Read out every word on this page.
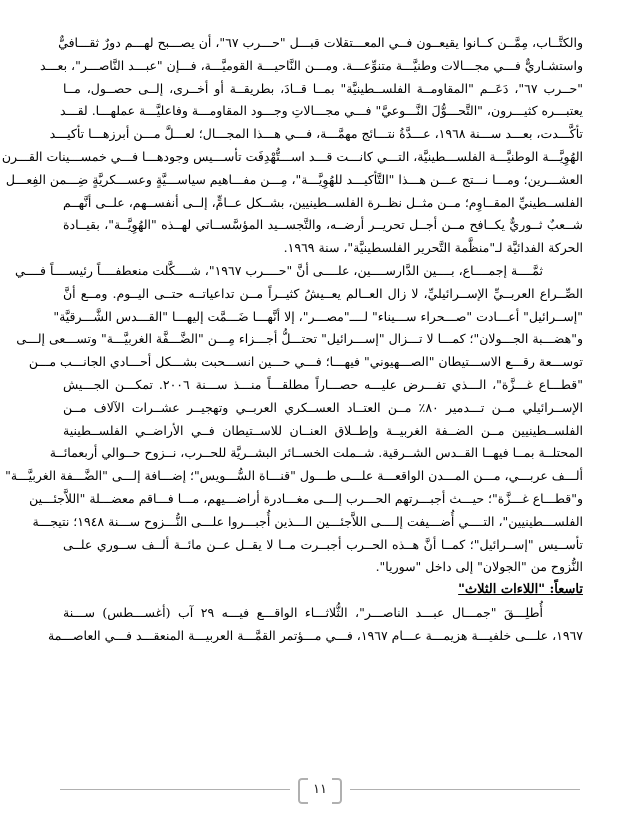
والكتَّــاب، مِمَّــن كــانوا يقيعــون فــي المعـــتقلات قبـــل "حـــرب ٦٧"، أن يصـــبح لهـــم دورٌ ثقـــافيٌّ
واستشـاريٌّ فـــي مجـــالات وطنيَّـــة متنوِّعـــة. ومـــن النَّاحيـــة القوميَّـــة، فـــإن "عبـــد النَّاصـــر"، بعـــد
"حــرب ٦٧"، دَعَــم "المقاومــة الفلســطينيَّة" بمــا قــادَ، بطريقــة أو أخــرى، إلــى حصــول، مــا
يعتبـــره كثيـــرون، "التَّحـــوُّلَ النَّـــوعيَّ" فـــي مجـــالاتِ وجـــود المقاومـــة وفاعليَّـــة عملهـــا. لقـــد
تأكَّـــدت، بعـــد ســـنة ١٩٦٨، عـــدَّةُ نتـــائج مهمَّـــة، فـــي هـــذا المجـــال؛ لعـــلَّ مـــن أبرزهـــا تأكيـــد
الهُوِيَّـــة الوطنيَّـــة الفلســـطينيَّة، التـــي كانـــت قـــد اســـتُّهْدِفَت تأســـيس وجودهـــا فـــي خمســـينات القـــرن
العشـــرين؛ ومـــا نـــتج عـــن هـــذا "التَّأكيـــد للهُوِيَّـــة"، مِـــن مفـــاهيم سياســـيَّةٍ وعســـكريَّةٍ ضِـــمن الفِعـــل
الفلســطينيِّ المقــاوِم؛ مــن مثــل نظــرة الفلســطينيين، بشــكل عــامٍّ، إلــى أنفســهم، علــى أنَّهــم
شــعبٌ ثــوريٌّ يكــافح مــن أجــل تحريــر أرضــه، والتَّجســيد المؤسَّســاتي لهــذه "الهُوِيَّــة"، بقيــادة
الحركة الفدائيَّة لـ"منظَّمة التَّحرير الفلسطينيَّة"، سنة ١٩٦٩.
ثمَّــــة إجمــــاع، بــــين الدَّارســــين، علــــى أنَّ "حــــرب ١٩٦٧"، شــــكَّلت منعطفــــاً رئيســــاً فــــي
الصِّــراع العربــيِّ الإســرائيليِّ، لا زال العــالم يعــيشُ كثيــراً مــن تداعياتــه حتــى اليــوم. ومــع أنَّ
"إســرائيل" أعـــادت "صـــحراء ســـيناء" لــــ"مصـــر"، إلا أنَّهـــا ضَـــمَّت إليهـــا "القـــدس الشَّـــرقيَّة"
و"هضـــبة الجـــولان"؛ كمـــا لا تـــزال "إســـرائيل" تحتـــلُّ أجـــزاء مِـــن "الضَّـــفَّة الغربيَّـــة" وتســـعى إلـــى
توســـعة رقـــع الاســـتيطان "الصـــهيوني" فيهـــا؛ فـــي حـــين انســـحبت بشـــكل أحـــادي الجانـــب مـــن
"قطـــاع غـــزَّة"، الـــذي تفـــرض عليـــه حصـــاراً مطلقـــاً منـــذ ســـنة ٢٠٠٦. تمكـــن الجـــيش
الإســرائيلي مــن تـــدمير ٨٠٪ مــن العتــاد العســكري العربــي وتهجيــر عشــرات الآلاف مــن
الفلســطينيين مــن الضــفة الغربيــة وإطــلاق العنــان للاســتيطان فــي الأراضــي الفلســطينية
المحتلــة بمــا فيهــا القــدس الشــرقية. شــملت الخســائر البشــريَّة للحــرب، نــزوح حــوالي أربعمائــة
ألـــف عربـــي، مـــن المـــدن الواقعـــة علـــى طـــول "قنـــاة السُّـــويس"؛ إضـــافة إلـــى "الضَّـــفة الغربيَّـــة"
و"قطـــاع غـــزَّة"؛ حيـــث أجبـــرتهم الحـــرب إلـــى مغـــادرة أراضـــيهم، مـــا فـــاقم معضـــلة "اللاَّجئـــين
الفلســـطينيين"، التــــي أُضـــيفت إلــــى اللاَّجئـــين الـــذين أُجبـــروا علـــى النُّـــزوح ســـنة ١٩٤٨؛ نتيجـــة
تأســيس "إســرائيل"؛ كمــا أنَّ هــذه الحــرب أجبــرت مــا لا يقــل عــن مائــة ألــف ســوري علــى
النُّزوح من "الجولان" إلى داخل "سوريا".
تاسعاً: "اللاءات الثلاث"
أُطلِـــقَ "جمـــال عبـــد الناصـــر"، الثُّلاثـــاء الواقـــع فيـــه ٢٩ آب (أغســـطس) ســـنة
١٩٦٧، علـــى خلفيـــة هزيمـــة عـــام ١٩٦٧، فـــي مـــؤتمر القمَّـــة العربيـــة المنعقـــد فـــي العاصـــمة
١١
